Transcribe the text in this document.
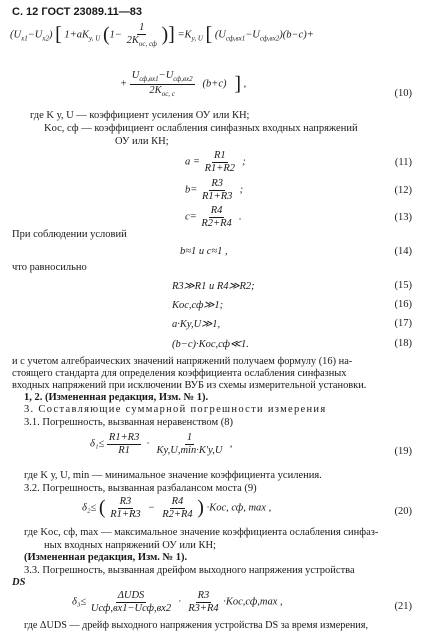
С. 12 ГОСТ 23089.11—83
$(U_{x1}-U_{x2})$ [ $1+aK_{у, U}$ ($1- \frac{1}{2K_{ос, сф}}$ )] $=K_{у, U}$ [ $(U_{сф,вх1}-U_{сф,вх2})(b-c)+$
+ $\frac{U_{сф,вх1}-U_{сф,вх2}}{2K_{ос, с}} (b+c)$ ] ,
(10)
где K у, U — коэффициент усиления ОУ или КН;
Kос, сф — коэффициент ослабления синфазных входных напряжений
ОУ или КН;
$a = \frac{R1}{R1+R2}$ ;	(11)
$b= \frac{R3}{R1+R3}$ ;	(12)
$c= \frac{R4}{R2+R4}$ .	(13)
При соблюдении условий
b≈1 и c≈1 ,	(14)
что равносильно
R3≫R1 и R4≫R2;	(15)
Kос,сф≫1;	(16)
a·Kу,U≫1,	(17)
(b−c)·Kос,сф≪1.	(18)
и с учетом алгебраических значений напряжений получаем формулу (16) на-
стоящего стандарта для определения коэффициента ослабления синфазных
входных напряжений при исключении ВУБ из схемы измерительной установки.
1, 2. (Измененная редакция, Изм. № 1).
3. Составляющие суммарной погрешности измерения
3.1. Погрешность, вызванная неравенством (8)
$\delta_1\le \frac{R1+R3}{R1} \cdot \frac{1}{Kу,U,\min\cdot K'у,U}$ ,
(19)
где K у, U, min — минимальное значение коэффициента усиления.
3.2. Погрешность, вызванная разбалансом моста (9)
δ₂≤ ( $\frac{R3}{R1+R3} - \frac{R4}{R2+R4}$ ) ·Kос, сф, max ,	(20)
где Kос, сф, max — максимальное значение коэффициента ослабления синфаз-
ных входных напряжений ОУ или КН;
(Измененная редакция, Изм. № 1).
3.3. Погрешность, вызванная дрейфом выходного напряжения устройства
DS
$\delta_3\le \frac{\text{ΔUDS}}{\text{Uсф,вх1−Uсф,вх2}} \cdot \frac{R3}{R3+R4} \cdot Kос,сф,\max$ ,	(21)
где ΔUDS — дрейф выходного напряжения устройства DS за время измерения,
